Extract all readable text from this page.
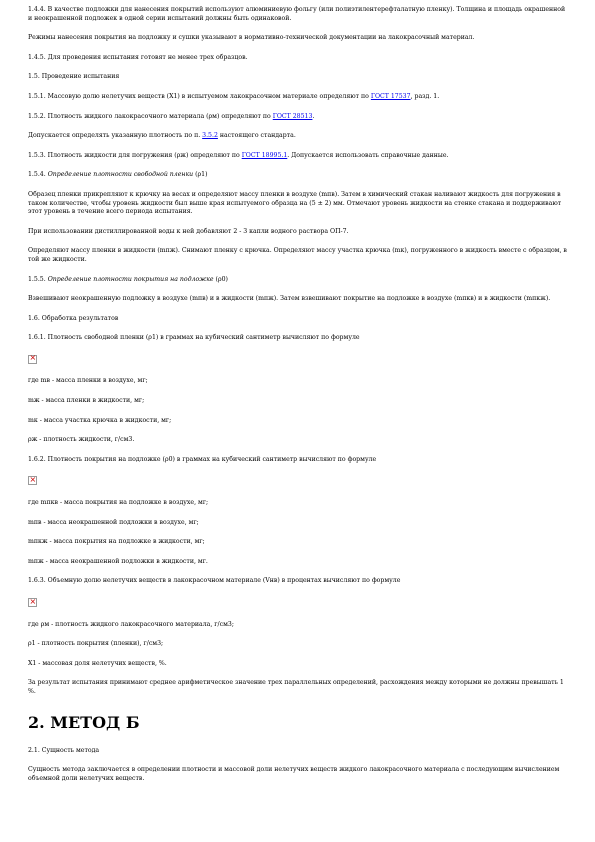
1.4.4. В качестве подложки для нанесения покрытий используют алюминиевую фольгу (или полиэтилентерефталатную пленку). Толщина и площадь окрашенной и неокрашенной подложек в одной серии испытаний должны быть одинаковой.

Режимы нанесения покрытия на подложку и сушки указывают в нормативно-технической документации на лакокрасочный материал.

1.4.5. Для проведения испытания готовят не менее трех образцов.

1.5. Проведение испытания

1.5.1. Массовую долю нелетучих веществ (Х1) в испытуемом лакокрасочном материале определяют по ГОСТ 17537, разд. 1.

1.5.2. Плотность жидкого лакокрасочного материала (ρм) определяют по ГОСТ 28513.

Допускается определять указанную плотность по п. 3.5.2 настоящего стандарта.

1.5.3. Плотность жидкости для погружения (ρж) определяют по ГОСТ 18995.1. Допускается использовать справочные данные.

1.5.4. Определение плотности свободной пленки (ρ1)

Образец пленки прикрепляют к крючку на весах и определяют массу пленки в воздухе (mпв). Затем в химический стакан наливают жидкость для погружения в таком количестве, чтобы уровень жидкости был выше края испытуемого образца на (5 ± 2) мм. Отмечают уровень жидкости на стенке стакана и поддерживают этот уровень в течение всего периода испытания.

При использовании дистиллированной воды к ней добавляют 2 - 3 капли водного раствора ОП-7.

Определяют массу пленки в жидкости (mпж). Снимают пленку с крючка. Определяют массу участка крючка (mк), погруженного в жидкость вместе с образцом, в той же жидкости.

1.5.5. Определение плотности покрытия на подложке (ρ0)

Взвешивают неокрашенную подложку в воздухе (mпв) и в жидкости (mпж). Затем взвешивают покрытие на подложке в воздухе (mпкв) и в жидкости (mпкж).

1.6. Обработка результатов

1.6.1. Плотность свободной пленки (ρ1) в граммах на кубический сантиметр вычисляют по формуле

×

где mв - масса пленки в воздухе, мг;

mж - масса пленки в жидкости, мг;

mк - масса участка крючка в жидкости, мг;

ρж - плотность жидкости, г/см3.

1.6.2. Плотность покрытия на подложке (ρ0) в граммах на кубический сантиметр вычисляют по формуле

×

где mпкв - масса покрытия на подложке в воздухе, мг;

mпв - масса неокрашенной подложки в воздухе, мг;

mпкж - масса покрытия на подложке в жидкости, мг;

mпж - масса неокрашенной подложки в жидкости, мг.

1.6.3. Объемную долю нелетучих веществ в лакокрасочном материале (Vнв) в процентах вычисляют по формуле

×

где ρм - плотность жидкого лакокрасочного материала, г/см3;

ρ1 - плотность покрытия (пленки), г/см3;

Х1 - массовая доля нелетучих веществ, %.

За результат испытания принимают среднее арифметическое значение трех параллельных определений, расхождения между которыми не должны превышать 1 %.

2. МЕТОД Б

2.1. Сущность метода

Сущность метода заключается в определении плотности и массовой доли нелетучих веществ жидкого лакокрасочного материала с последующим вычислением объемной доли нелетучих веществ.
